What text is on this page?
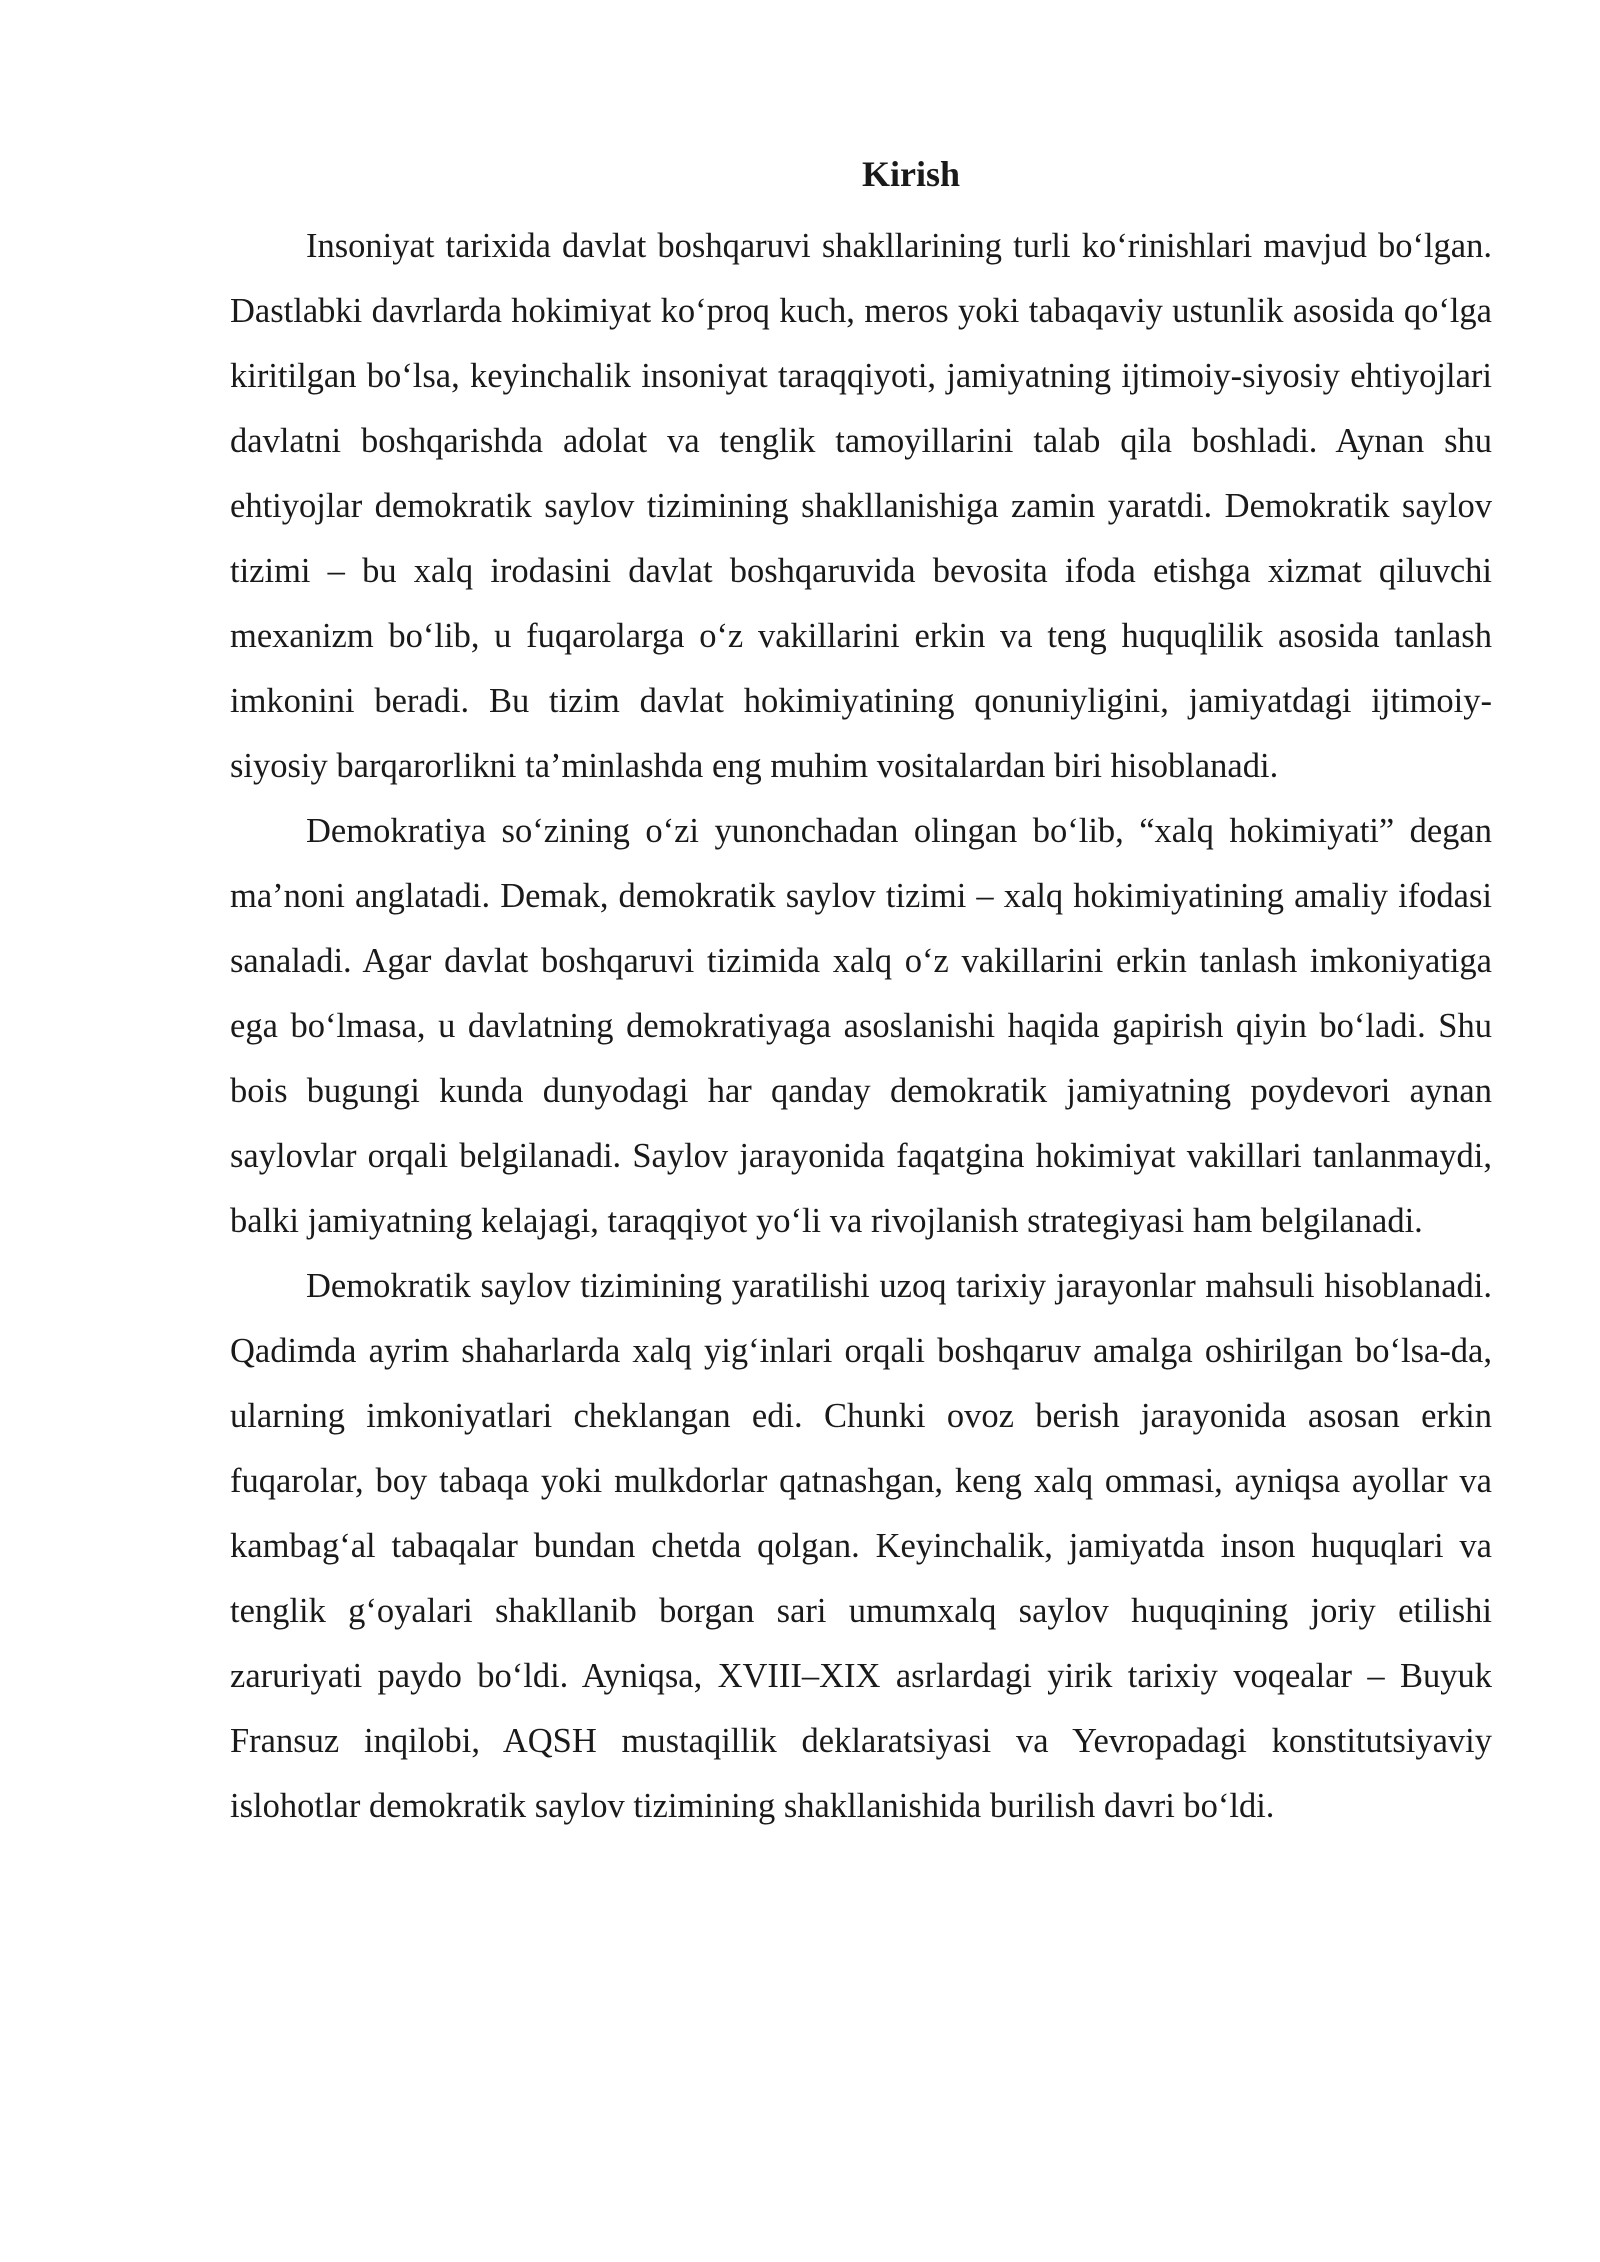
Kirish

Insoniyat tarixida davlat boshqaruvi shakllarining turli ko‘rinishlari mavjud bo‘lgan. Dastlabki davrlarda hokimiyat ko‘proq kuch, meros yoki tabaqaviy ustunlik asosida qo‘lga kiritilgan bo‘lsa, keyinchalik insoniyat taraqqiyoti, jamiyatning ijtimoiy-siyosiy ehtiyojlari davlatni boshqarishda adolat va tenglik tamoyillarini talab qila boshladi. Aynan shu ehtiyojlar demokratik saylov tizimining shakllanishiga zamin yaratdi. Demokratik saylov tizimi – bu xalq irodasini davlat boshqaruvida bevosita ifoda etishga xizmat qiluvchi mexanizm bo‘lib, u fuqarolarga o‘z vakillarini erkin va teng huquqlilik asosida tanlash imkonini beradi. Bu tizim davlat hokimiyatining qonuniyligini, jamiyatdagi ijtimoiy-siyosiy barqarorlikni ta’minlashda eng muhim vositalardan biri hisoblanadi.

Demokratiya so‘zining o‘zi yunonchadan olingan bo‘lib, “xalq hokimiyati” degan ma’noni anglatadi. Demak, demokratik saylov tizimi – xalq hokimiyatining amaliy ifodasi sanaladi. Agar davlat boshqaruvi tizimida xalq o‘z vakillarini erkin tanlash imkoniyatiga ega bo‘lmasa, u davlatning demokratiyaga asoslanishi haqida gapirish qiyin bo‘ladi. Shu bois bugungi kunda dunyodagi har qanday demokratik jamiyatning poydevori aynan saylovlar orqali belgilanadi. Saylov jarayonida faqatgina hokimiyat vakillari tanlanmaydi, balki jamiyatning kelajagi, taraqqiyot yo‘li va rivojlanish strategiyasi ham belgilanadi.

Demokratik saylov tizimining yaratilishi uzoq tarixiy jarayonlar mahsuli hisoblanadi. Qadimda ayrim shaharlarda xalq yig‘inlari orqali boshqaruv amalga oshirilgan bo‘lsa-da, ularning imkoniyatlari cheklangan edi. Chunki ovoz berish jarayonida asosan erkin fuqarolar, boy tabaqa yoki mulkdorlar qatnashgan, keng xalq ommasi, ayniqsa ayollar va kambag‘al tabaqalar bundan chetda qolgan. Keyinchalik, jamiyatda inson huquqlari va tenglik g‘oyalari shakllanib borgan sari umumxalq saylov huquqining joriy etilishi zaruriyati paydo bo‘ldi. Ayniqsa, XVIII–XIX asrlardagi yirik tarixiy voqealar – Buyuk Fransuz inqilobi, AQSH mustaqillik deklaratsiyasi va Yevropadagi konstitutsiyaviy islohotlar demokratik saylov tizimining shakllanishida burilish davri bo‘ldi.
